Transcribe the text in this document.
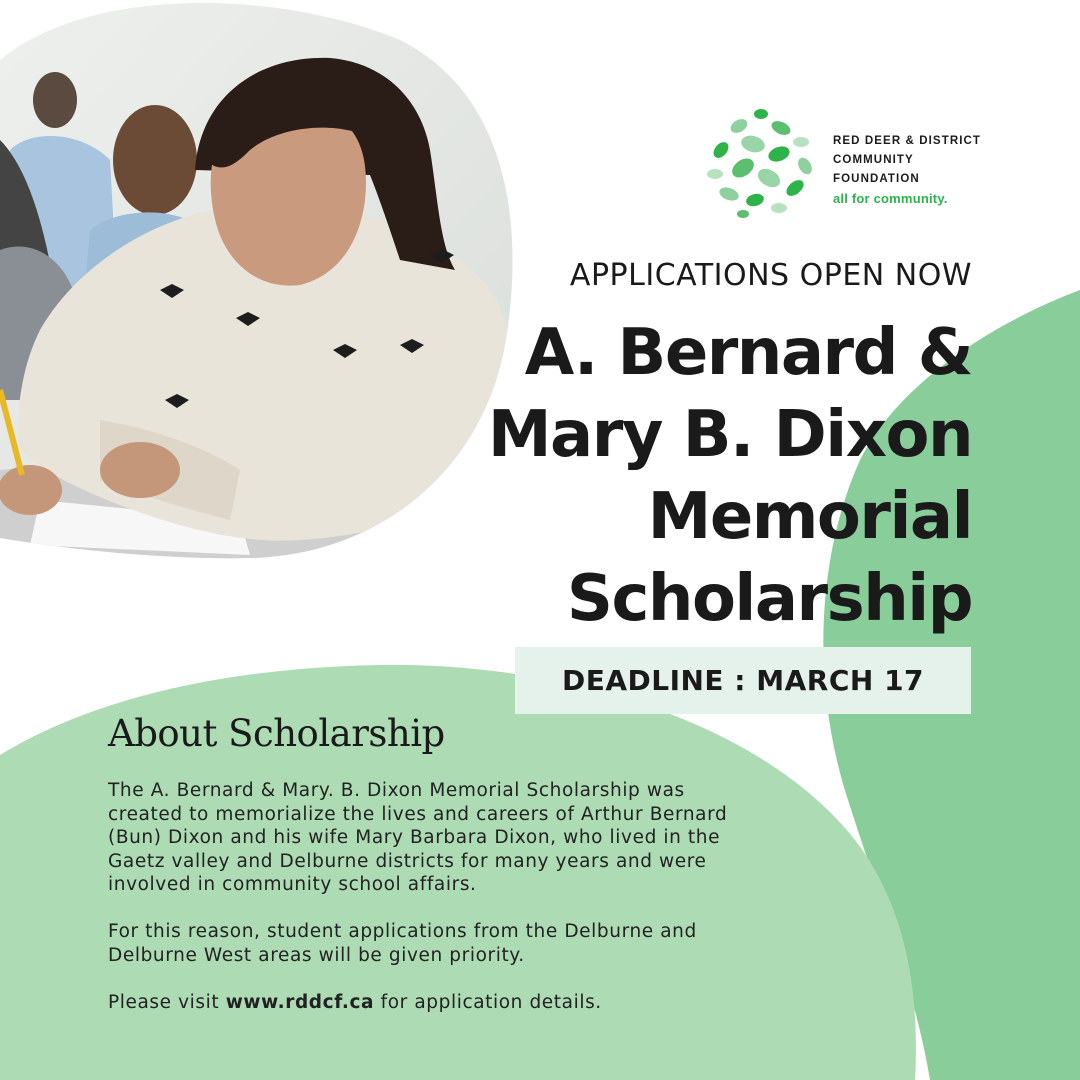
RED DEER & DISTRICT
COMMUNITY
FOUNDATION
all for community.
APPLICATIONS OPEN NOW
A. Bernard &
Mary B. Dixon
Memorial
Scholarship
DEADLINE : MARCH 17
About Scholarship

The A. Bernard & Mary. B. Dixon Memorial Scholarship was created to memorialize the lives and careers of Arthur Bernard (Bun) Dixon and his wife Mary Barbara Dixon, who lived in the Gaetz valley and Delburne districts for many years and were involved in community school affairs.

For this reason, student applications from the Delburne and Delburne West areas will be given priority.

Please visit www.rddcf.ca for application details.
